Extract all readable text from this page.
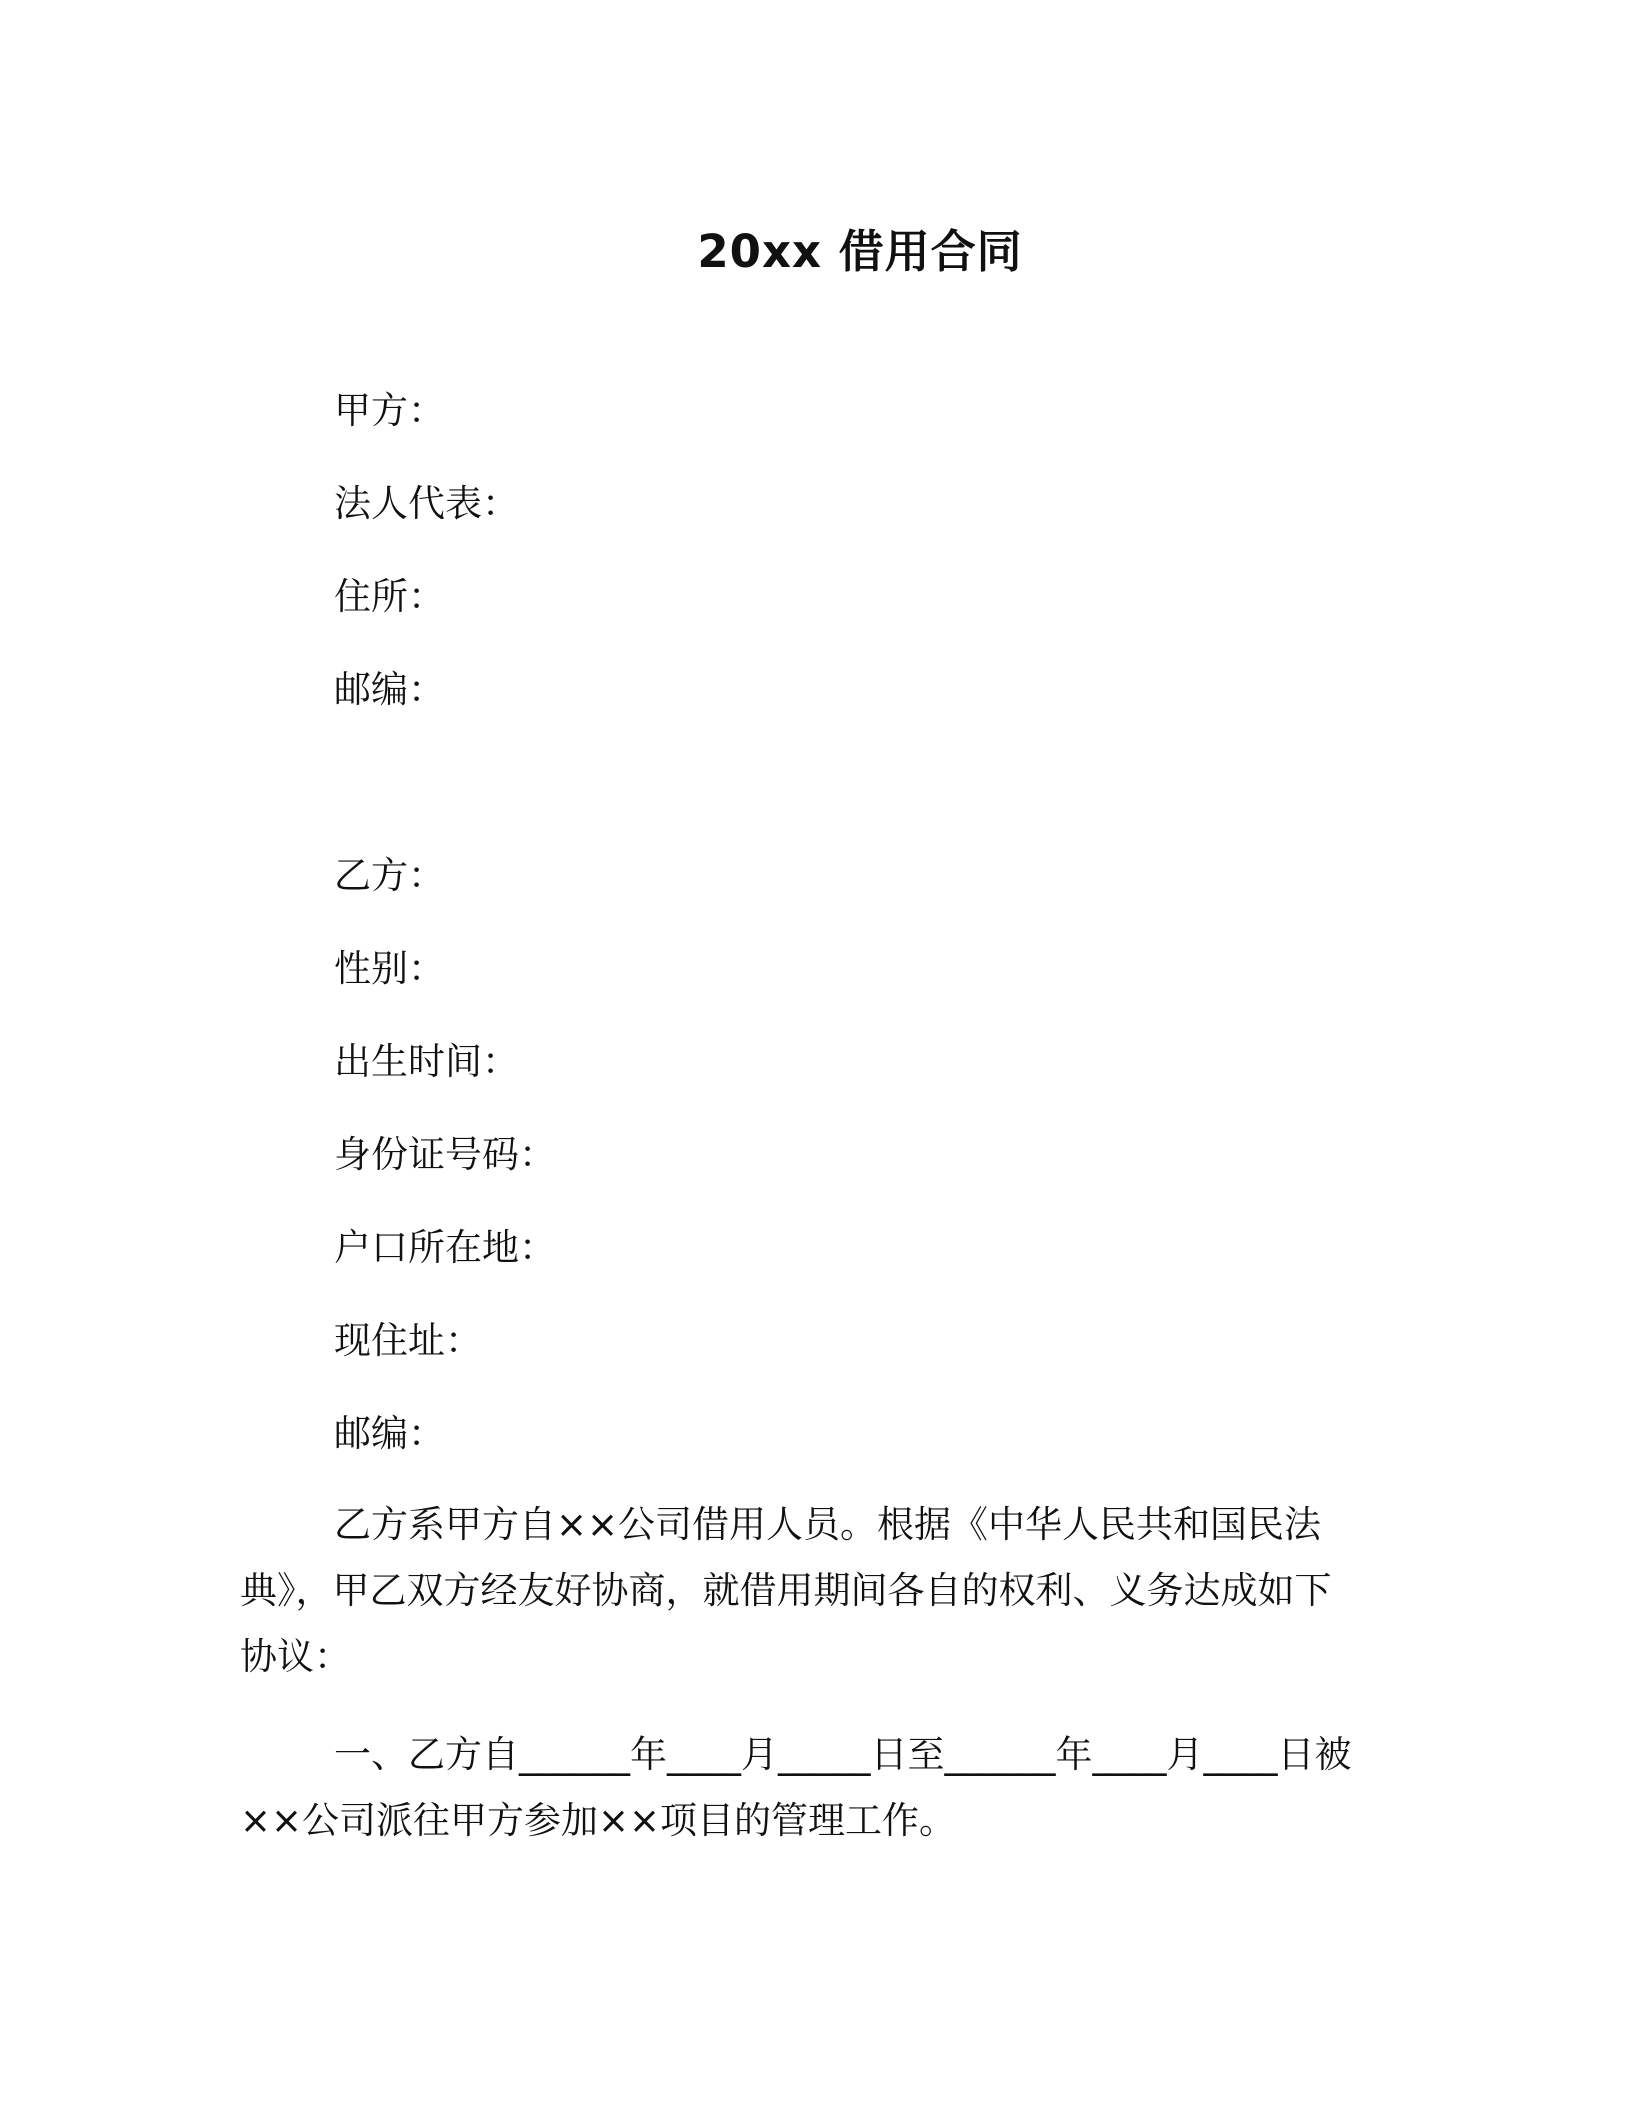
20xx 借用合同
甲方：
法人代表：
住所：
邮编：
乙方：
性别：
出生时间：
身份证号码：
户口所在地：
现住址：
邮编：

乙方系甲方自××公司借用人员。根据《中华人民共和国民法典》，甲乙双方经友好协商，就借用期间各自的权利、义务达成如下协议：

一、乙方自______年____月_____日至______年____月____日被××公司派往甲方参加××项目的管理工作。
